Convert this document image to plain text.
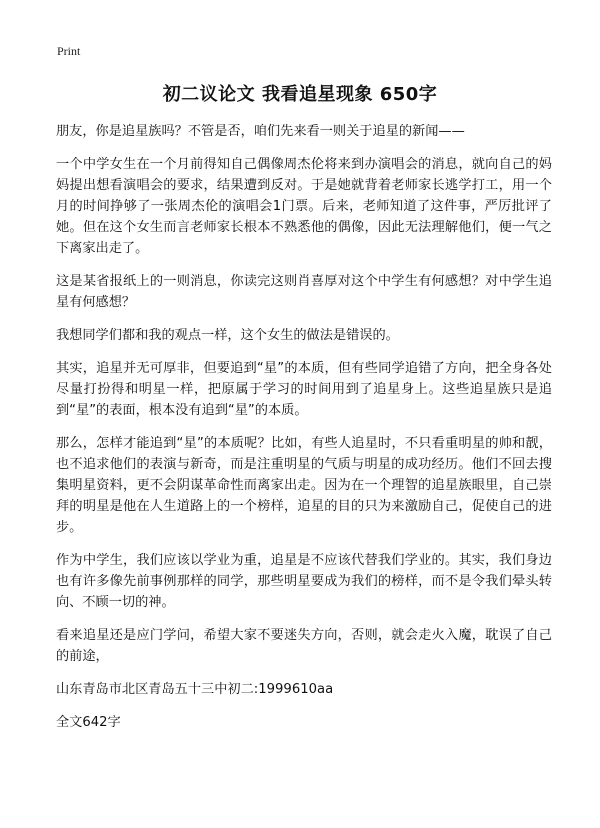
Print
初二议论文 我看追星现象 650字

朋友，你是追星族吗？不管是否，咱们先来看一则关于追星的新闻——

一个中学女生在一个月前得知自己偶像周杰伦将来到办演唱会的消息，就向自己的妈妈提出想看演唱会的要求，结果遭到反对。于是她就背着老师家长逃学打工，用一个月的时间挣够了一张周杰伦的演唱会1门票。后来，老师知道了这件事，严厉批评了她。但在这个女生而言老师家长根本不熟悉他的偶像，因此无法理解他们，便一气之下离家出走了。

这是某省报纸上的一则消息，你读完这则肖喜厚对这个中学生有何感想？对中学生追星有何感想？

我想同学们都和我的观点一样，这个女生的做法是错误的。

其实，追星并无可厚非，但要追到“星”的本质，但有些同学追错了方向，把全身各处尽量打扮得和明星一样，把原属于学习的时间用到了追星身上。这些追星族只是追到“星”的表面，根本没有追到“星”的本质。

那么，怎样才能追到“星”的本质呢？比如，有些人追星时，不只看重明星的帅和靓，也不追求他们的表演与新奇，而是注重明星的气质与明星的成功经历。他们不回去搜集明星资料，更不会阴谋革命性而离家出走。因为在一个理智的追星族眼里，自己崇拜的明星是他在人生道路上的一个榜样，追星的目的只为来激励自己，促使自己的进步。

作为中学生，我们应该以学业为重，追星是不应该代替我们学业的。其实，我们身边也有许多像先前事例那样的同学，那些明星要成为我们的榜样，而不是令我们晕头转向、不顾一切的神。

看来追星还是应门学问，希望大家不要迷失方向，否则，就会走火入魔，耽误了自己的前途，

山东青岛市北区青岛五十三中初二:1999610aa

全文642字
